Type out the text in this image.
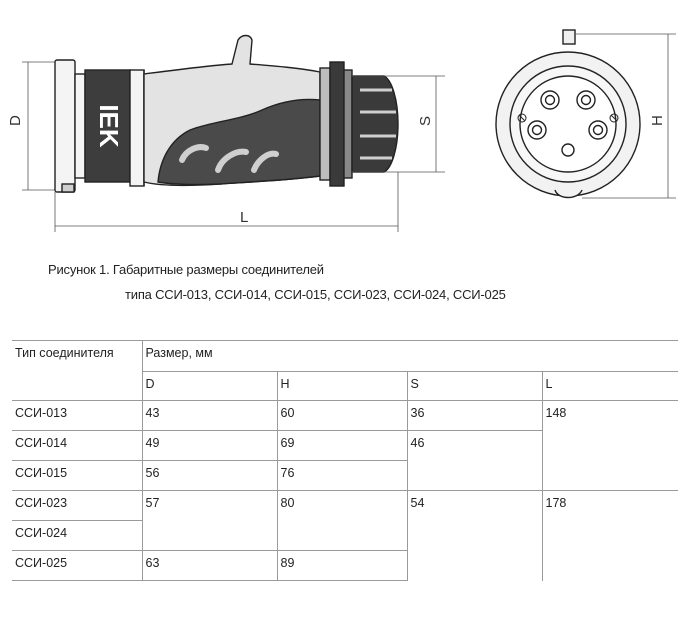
D	S
L
IEK	H
Рисунок 1. Габаритные размеры соединителей
типа ССИ-013, ССИ-014, ССИ-015, ССИ-023, ССИ-024, ССИ-025
Тип соединителя	Размер, мм			
	D	H	S	L
ССИ-013	43	60	36	148
ССИ-014	49	69	46	
ССИ-015	56	76		
ССИ-023	57	80	54	178
ССИ-024				
ССИ-025	63	89		
